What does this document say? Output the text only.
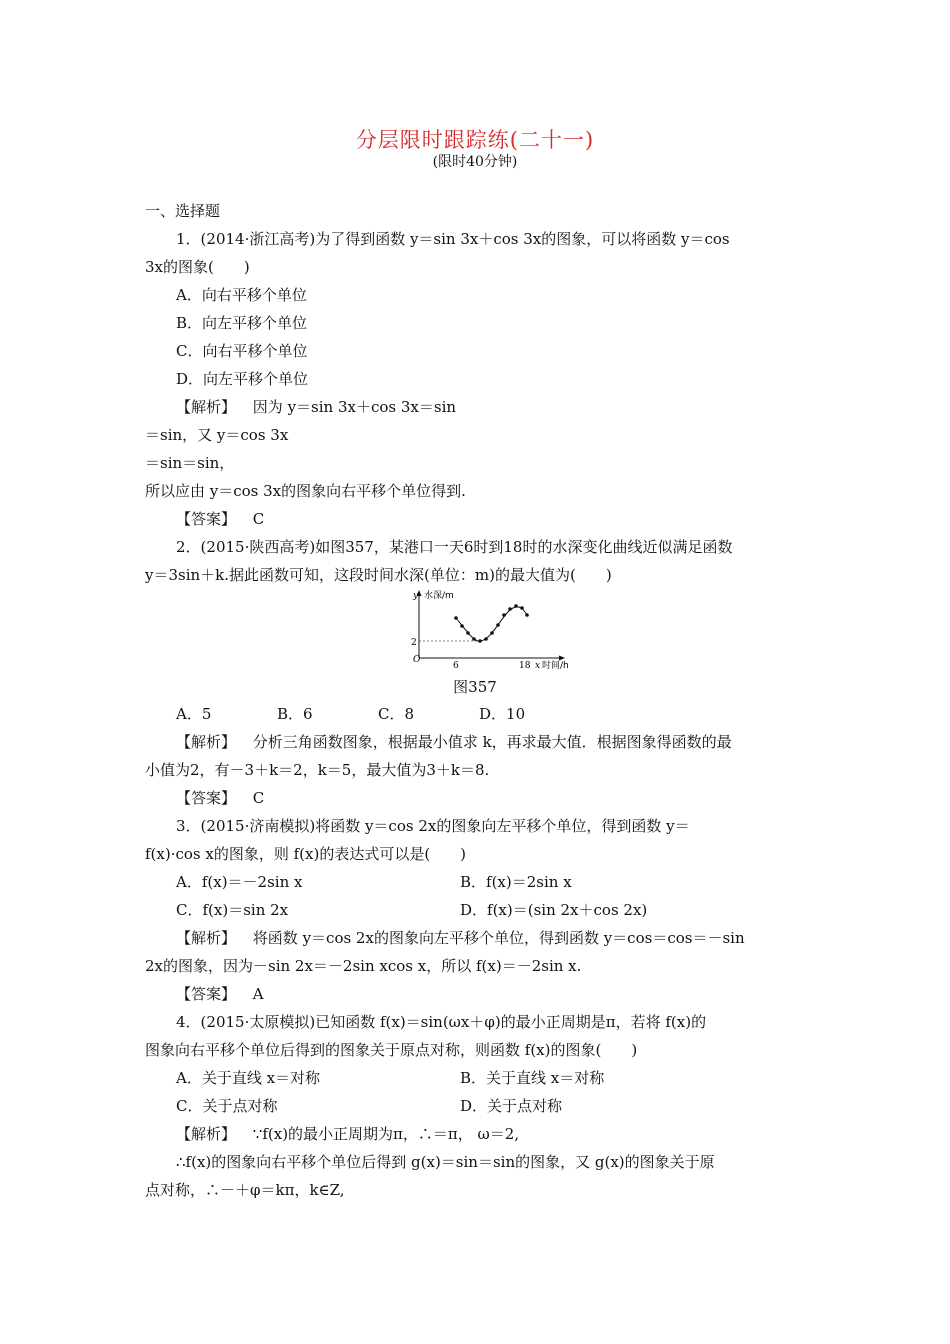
分层限时跟踪练(二十一)
(限时40分钟)
一、选择题
1．(2014·浙江高考)为了得到函数 y＝sin 3x＋cos 3x的图象，可以将函数 y＝cos
3x的图象(　　)
A．向右平移个单位
B．向左平移个单位
C．向右平移个单位
D．向左平移个单位
【解析】 因为 y＝sin 3x＋cos 3x＝sin
＝sin，又 y＝cos 3x
＝sin＝sin，
所以应由 y＝cos 3x的图象向右平移个单位得到.
【答案】 C
2．(2015·陕西高考)如图357，某港口一天6时到18时的水深变化曲线近似满足函数
y＝3sin＋k.据此函数可知，这段时间水深(单位：m)的最大值为(　　)
y 水深/m
O
2
6	18 x 时间/h
图357
A．5	B．6	C．8	D．10
【解析】 分析三角函数图象，根据最小值求 k，再求最大值．根据图象得函数的最
小值为2，有－3＋k＝2，k＝5，最大值为3＋k＝8.
【答案】 C
3．(2015·济南模拟)将函数 y＝cos 2x的图象向左平移个单位，得到函数 y＝
f(x)·cos x的图象，则 f(x)的表达式可以是(　　)
A．f(x)＝－2sin x	B．f(x)＝2sin x
C．f(x)＝sin 2x	D．f(x)＝(sin 2x＋cos 2x)
【解析】 将函数 y＝cos 2x的图象向左平移个单位，得到函数 y＝cos＝cos＝－sin
2x的图象，因为－sin 2x＝－2sin xcos x，所以 f(x)＝－2sin x.
【答案】 A
4．(2015·太原模拟)已知函数 f(x)＝sin(ωx＋φ)的最小正周期是π，若将 f(x)的
图象向右平移个单位后得到的图象关于原点对称，则函数 f(x)的图象(　　)
A．关于直线 x＝对称	B．关于直线 x＝对称
C．关于点对称	D．关于点对称
【解析】 ∵f(x)的最小正周期为π，∴＝π， ω＝2,
∴f(x)的图象向右平移个单位后得到 g(x)＝sin＝sin的图象，又 g(x)的图象关于原
点对称，∴－＋φ＝kπ，k∈Z,
